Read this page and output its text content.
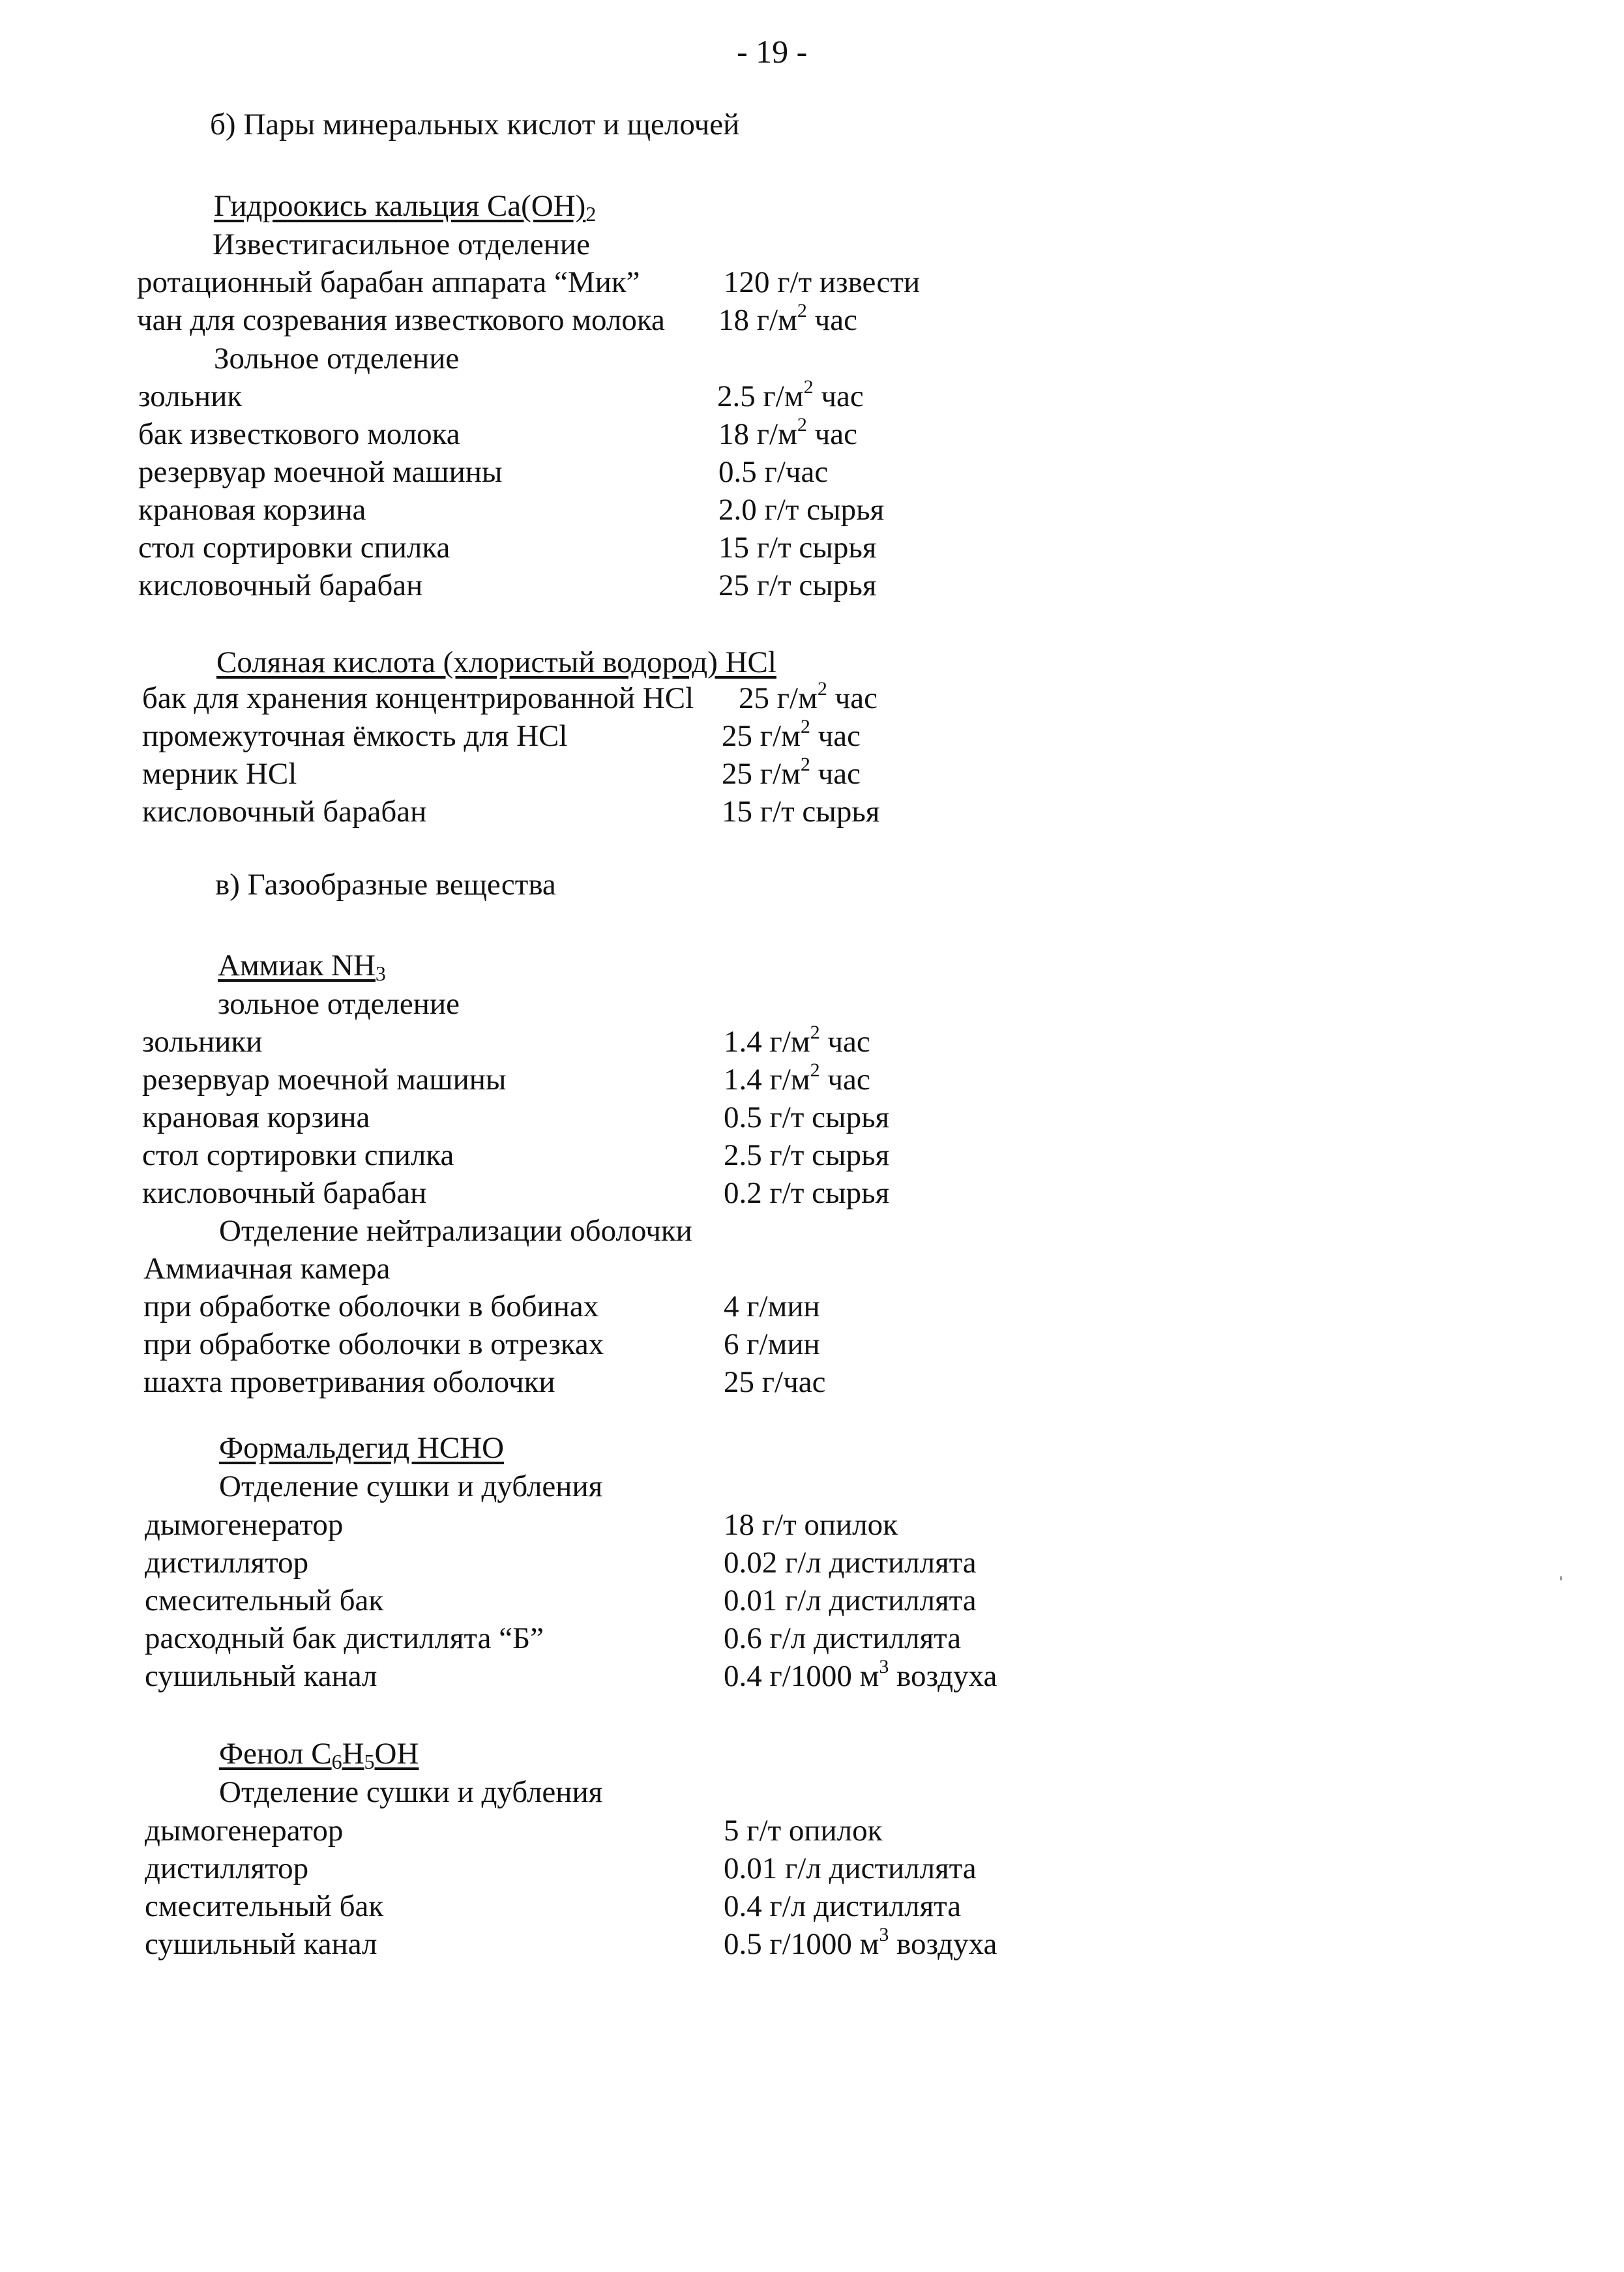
- 19 -
б) Пары минеральных кислот и щелочей
Гидроокись кальция $Ca(OH)_2$
Известигасильное отделение
ротационный барабан аппарата “Мик”	120 г/т извести
чан для созревания известкового молока 18 $г/м^2$ час
Зольное отделение
зольник	2.5 $г/м^2$ час
бак известкового молока	18 $г/м^2$ час
резервуар моечной машины	0.5 г/час
крановая корзина	2.0 г/т сырья
стол сортировки спилка	15 г/т сырья
кисловочный барабан	25 г/т сырья
Соляная кислота (хлористый водород) HCl
бак для хранения концентрированной HCl 25 $г/м^2$ час
промежуточная ёмкость для HCl	25 $г/м^2$ час
мерник HCl	25 $г/м^2$ час
кисловочный барабан	15 г/т сырья
в) Газообразные вещества
Аммиак $NH_3$
зольное отделение
зольники	1.4 $г/м^2$ час
резервуар моечной машины	1.4 $г/м^2$ час
крановая корзина	0.5 г/т сырья
стол сортировки спилка	2.5 г/т сырья
кисловочный барабан	0.2 г/т сырья
Отделение нейтрализации оболочки
Аммиачная камера
при обработке оболочки в бобинах	4 г/мин
при обработке оболочки в отрезках	6 г/мин
шахта проветривания оболочки	25 г/час
Формальдегид HCHO
Отделение сушки и дубления
дымогенератор	18 г/т опилок
дистиллятор	0.02 г/л дистиллята
смесительный бак	0.01 г/л дистиллята
расходный бак дистиллята “Б”	0.6 г/л дистиллята
сушильный канал	0.4 г/1000 $м^3$ воздуха
Фенол $C_6H_5OH$
Отделение сушки и дубления
дымогенератор	5 г/т опилок
дистиллятор	0.01 г/л дистиллята
смесительный бак	0.4 г/л дистиллята
сушильный канал	0.5 г/1000 $м^3$ воздуха
